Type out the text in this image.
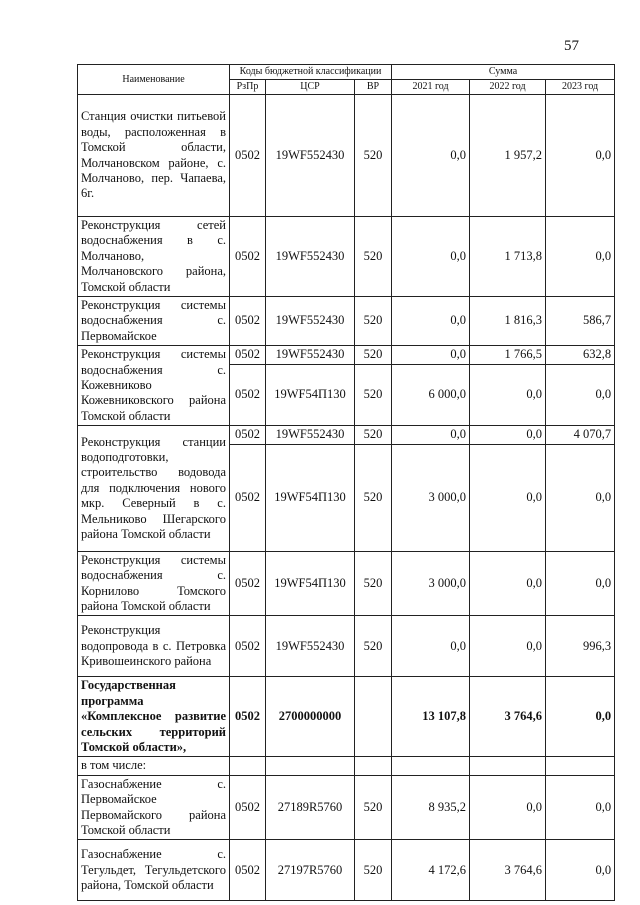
57
Наименование	Коды бюджетной классификации			Сумма		
	РзПр	ЦСР	ВР	2021 год	2022 год	2023 год
Станция очистки питьевой воды, расположенная в Томской области, Молчановском районе, с. Молчаново, пер. Чапаева, 6г.	0502	19WF552430	520	0,0	1 957,2	0,0
Реконструкция сетей водоснабжения в с. Молчаново, Молчановского района, Томской области	0502	19WF552430	520	0,0	1 713,8	0,0
Реконструкция системы водоснабжения с. Первомайское	0502	19WF552430	520	0,0	1 816,3	586,7
Реконструкция системы водоснабжения с. Кожевниково Кожевниковского района Томской области	0502	19WF552430	520	0,0	1 766,5	632,8
	0502	19WF54П130	520	6 000,0	0,0	0,0
Реконструкция станции водоподготовки, строительство водовода для подключения нового мкр. Северный в с. Мельниково Шегарского района Томской области	0502	19WF552430	520	0,0	0,0	4 070,7
	0502	19WF54П130	520	3 000,0	0,0	0,0
Реконструкция системы водоснабжения с. Корнилово Томского района Томской области	0502	19WF54П130	520	3 000,0	0,0	0,0
Реконструкция водопровода в с. Петровка Кривошеинского района	0502	19WF552430	520	0,0	0,0	996,3
Государственная программа «Комплексное развитие сельских территорий Томской области»,	0502	2700000000		13 107,8	3 764,6	0,0
в том числе:						
Газоснабжение с. Первомайское Первомайского района Томской области	0502	27189R5760	520	8 935,2	0,0	0,0
Газоснабжение с. Тегульдет, Тегульдетского района, Томской области	0502	27197R5760	520	4 172,6	3 764,6	0,0
